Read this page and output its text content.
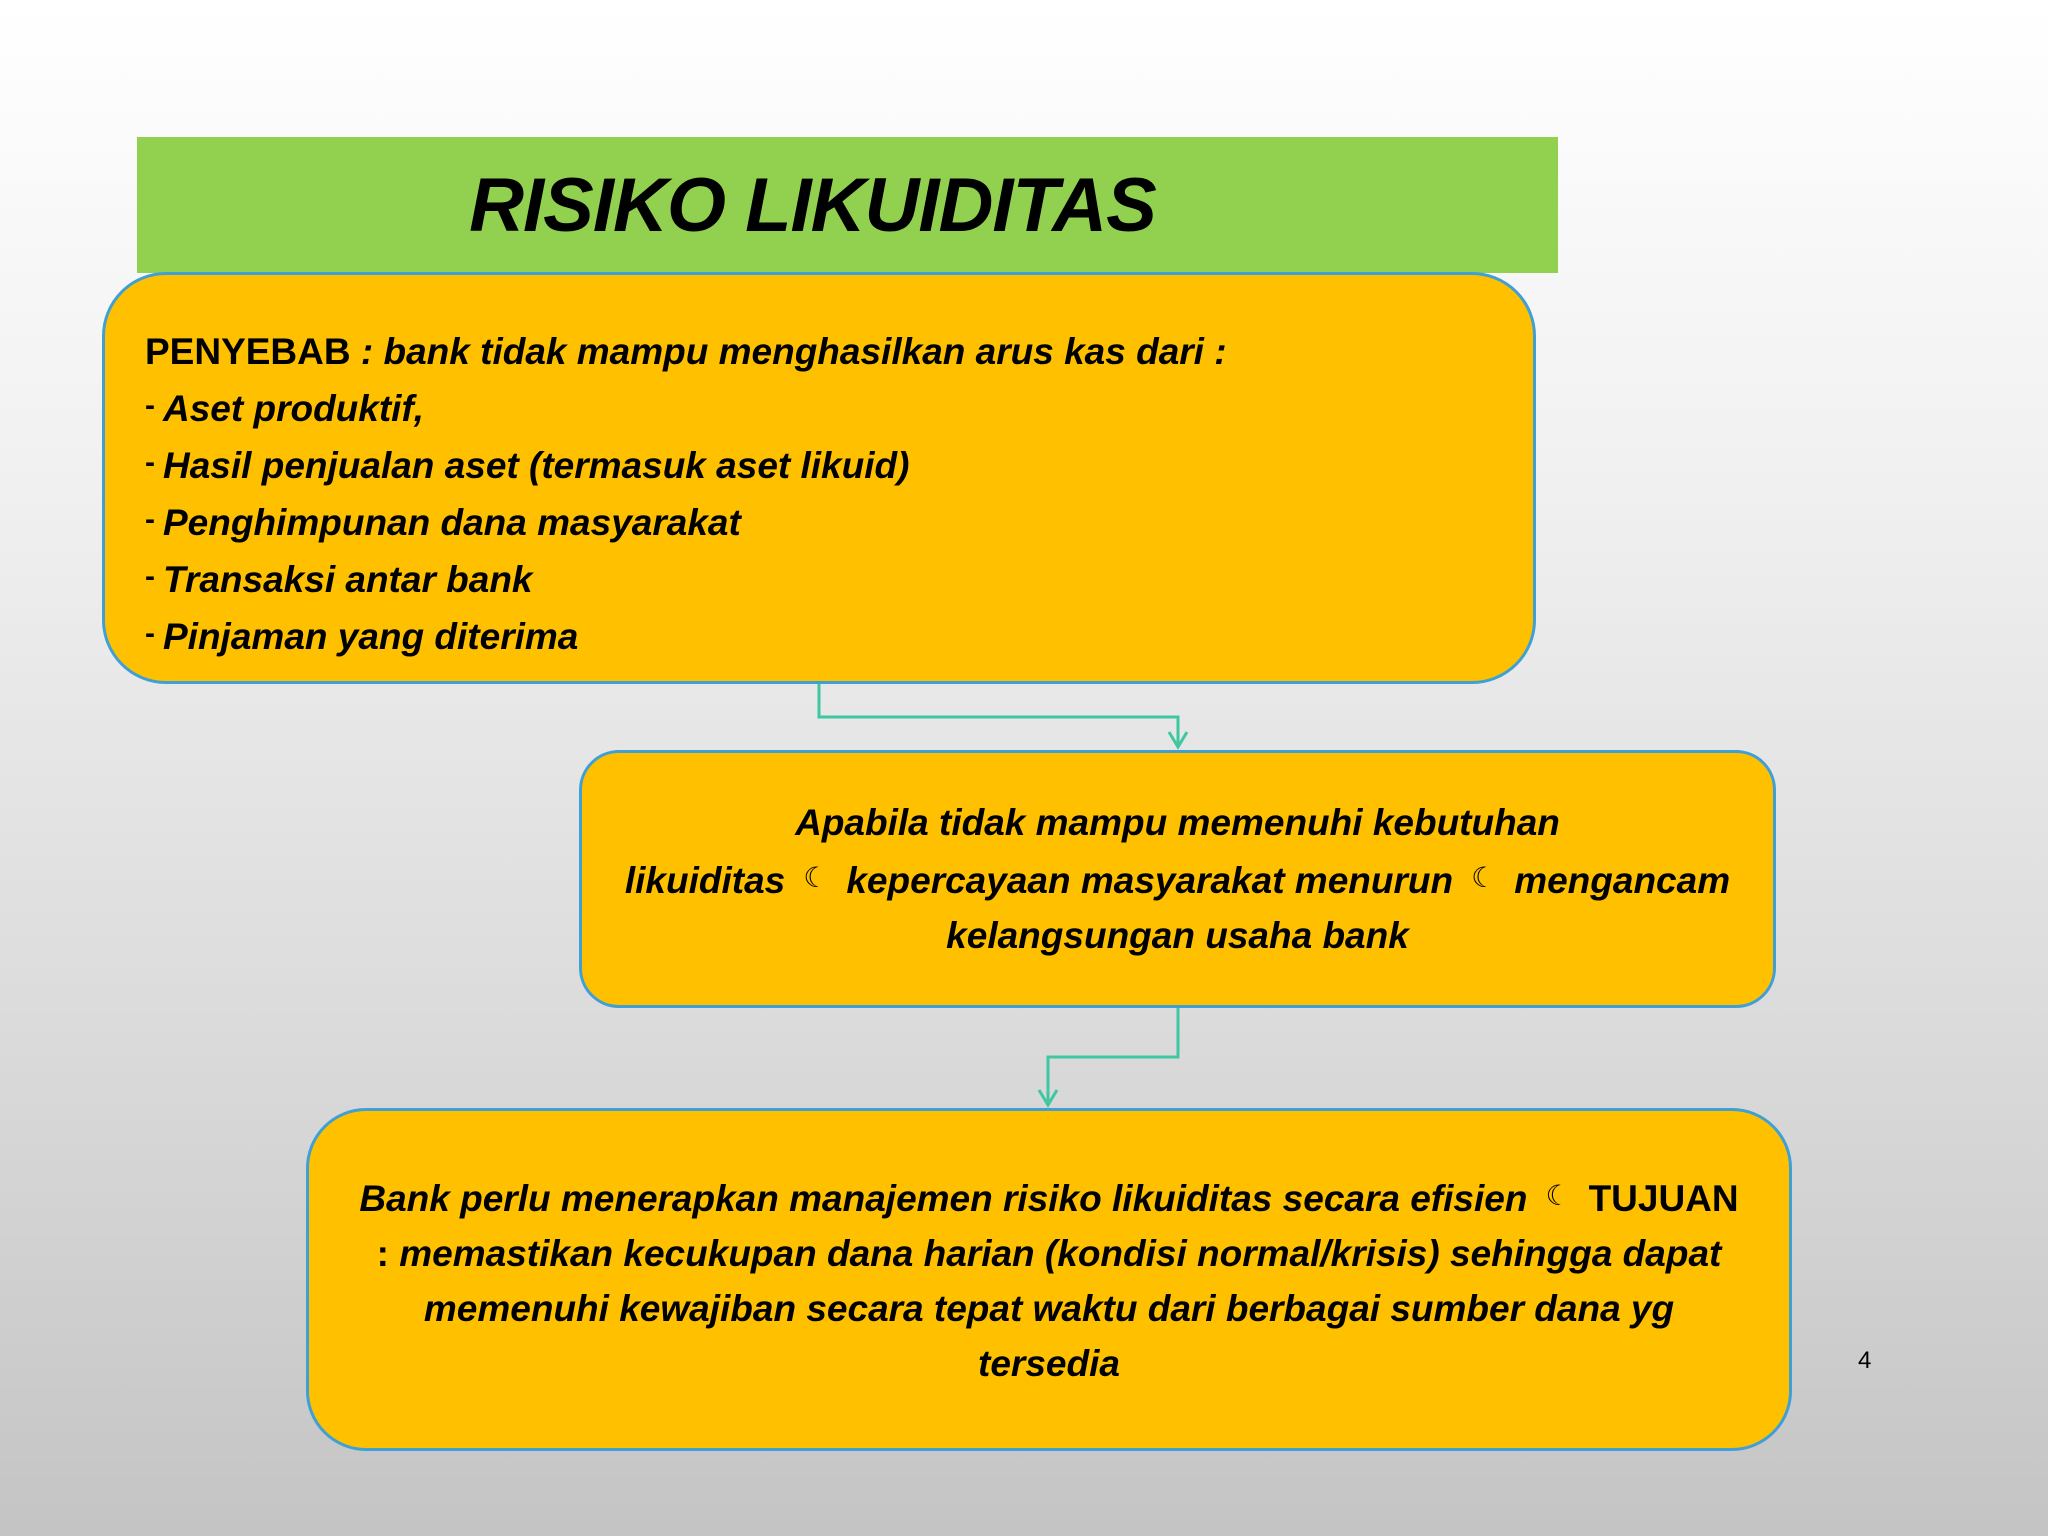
RISIKO LIKUIDITAS
PENYEBAB : bank tidak mampu menghasilkan arus kas dari :
- Aset produktif,
- Hasil penjualan aset (termasuk aset likuid)
- Penghimpunan dana masyarakat
- Transaksi antar bank
- Pinjaman yang diterima
Apabila tidak mampu memenuhi kebutuhan likuiditas ☾ kepercayaan masyarakat menurun ☾ mengancam kelangsungan usaha bank
Bank perlu menerapkan manajemen risiko likuiditas secara efisien ☾ TUJUAN : memastikan kecukupan dana harian (kondisi normal/krisis) sehingga dapat memenuhi kewajiban secara tepat waktu dari berbagai sumber dana yg tersedia	4
